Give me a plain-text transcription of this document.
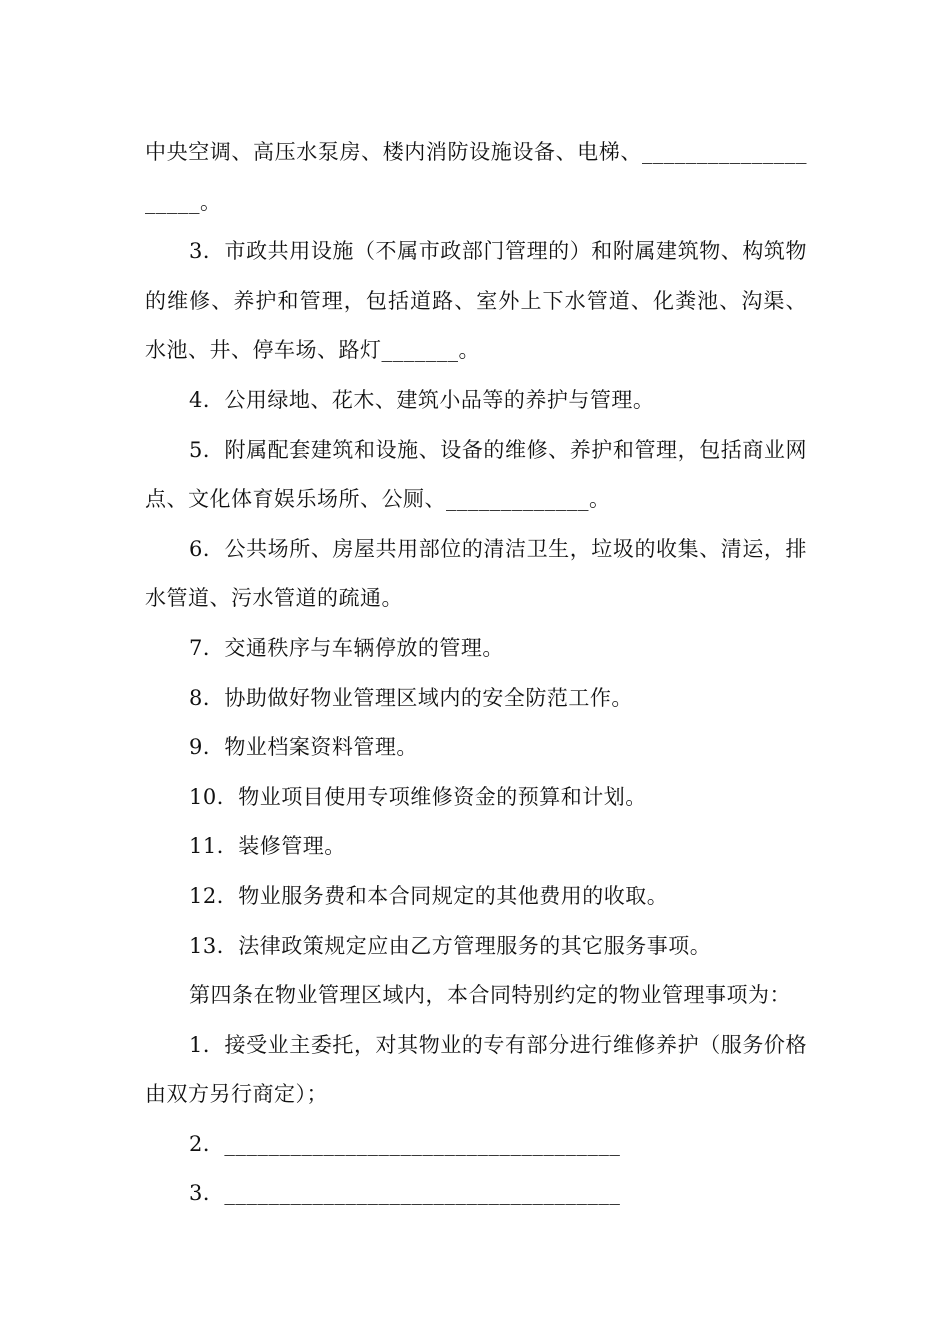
中央空调、高压水泵房、楼内消防设施设备、电梯、____________________。

3．市政共用设施（不属市政部门管理的）和附属建筑物、构筑物的维修、养护和管理，包括道路、室外上下水管道、化粪池、沟渠、水池、井、停车场、路灯_______。

4．公用绿地、花木、建筑小品等的养护与管理。

5．附属配套建筑和设施、设备的维修、养护和管理，包括商业网点、文化体育娱乐场所、公厕、_____________。

6．公共场所、房屋共用部位的清洁卫生，垃圾的收集、清运，排水管道、污水管道的疏通。

7．交通秩序与车辆停放的管理。

8．协助做好物业管理区域内的安全防范工作。

9．物业档案资料管理。

10．物业项目使用专项维修资金的预算和计划。

11．装修管理。

12．物业服务费和本合同规定的其他费用的收取。

13．法律政策规定应由乙方管理服务的其它服务事项。

第四条在物业管理区域内，本合同特别约定的物业管理事项为：

1．接受业主委托，对其物业的专有部分进行维修养护（服务价格由双方另行商定）；

2．____________________________________

3．____________________________________
